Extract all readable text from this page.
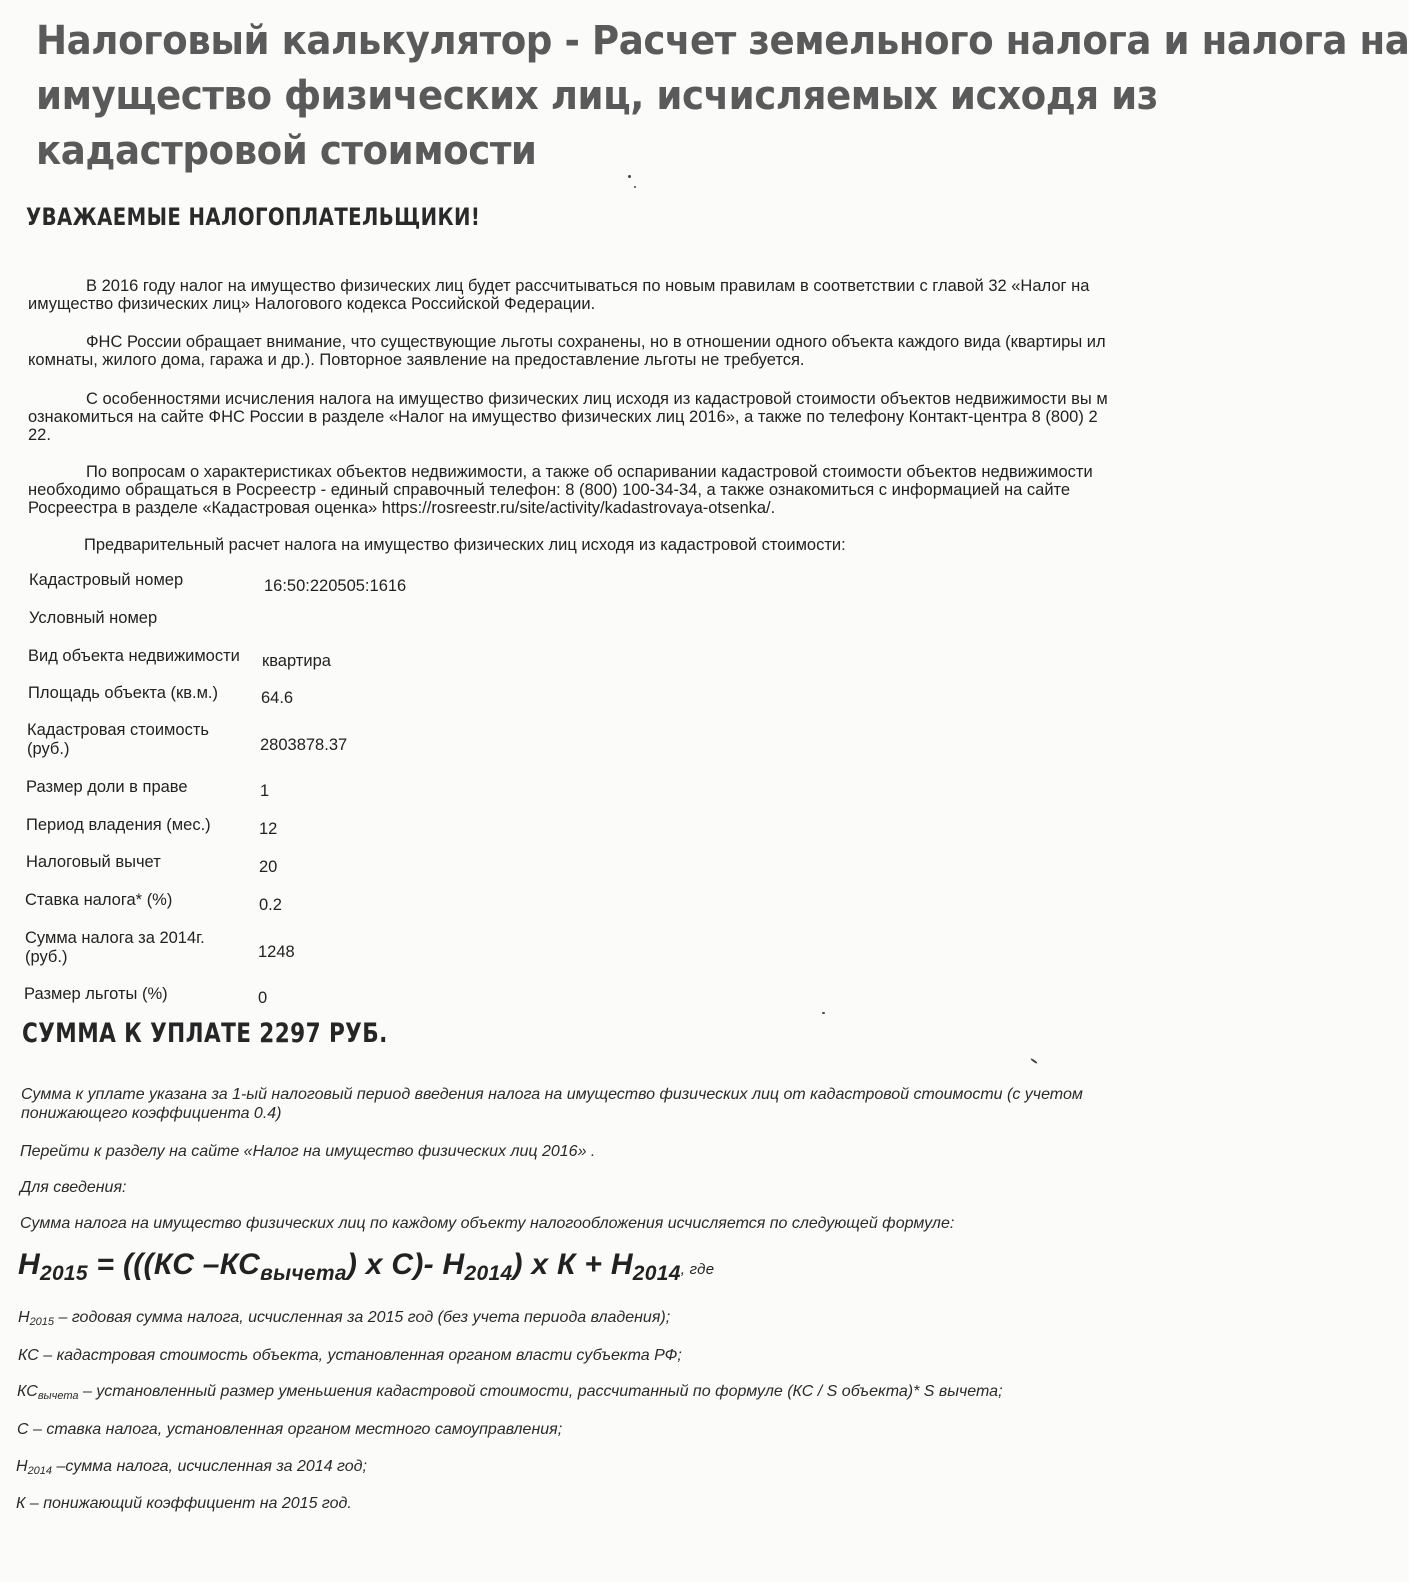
Налоговый калькулятор - Расчет земельного налога и налога на
имущество физических лиц, исчисляемых исходя из
кадастровой стоимости
УВАЖАЕМЫЕ НАЛОГОПЛАТЕЛЬЩИКИ!
В 2016 году налог на имущество физических лиц будет рассчитываться по новым правилам в соответствии с главой 32 «Налог на
имущество физических лиц» Налогового кодекса Российской Федерации.
ФНС России обращает внимание, что существующие льготы сохранены, но в отношении одного объекта каждого вида (квартиры ил
комнаты, жилого дома, гаража и др.). Повторное заявление на предоставление льготы не требуется.
С особенностями исчисления налога на имущество физических лиц исходя из кадастровой стоимости объектов недвижимости вы м
ознакомиться на сайте ФНС России в разделе «Налог на имущество физических лиц 2016», а также по телефону Контакт-центра 8 (800) 2
22.
По вопросам о характеристиках объектов недвижимости, а также об оспаривании кадастровой стоимости объектов недвижимости
необходимо обращаться в Росреестр - единый справочный телефон: 8 (800) 100-34-34, а также ознакомиться с информацией на сайте
Росреестра в разделе «Кадастровая оценка» https://rosreestr.ru/site/activity/kadastrovaya-otsenka/.
Предварительный расчет налога на имущество физических лиц исходя из кадастровой стоимости:
Кадастровый номер	16:50:220505:1616
Условный номер
Вид объекта недвижимости квартира
Площадь объекта (кв.м.)	64.6
Кадастровая стоимость
(руб.)	2803878.37
Размер доли в праве	1
Период владения (мес.)	12
Налоговый вычет	20
Ставка налога* (%)	0.2
Сумма налога за 2014г.
(руб.)	1248
Размер льготы (%)	0
СУММА К УПЛАТЕ 2297 РУБ.
Сумма к уплате указана за 1-ый налоговый период введения налога на имущество физических лиц от кадастровой стоимости (с учетом
понижающего коэффициента 0.4)
Перейти к разделу на сайте «Налог на имущество физических лиц 2016» .
Для сведения:
Сумма налога на имущество физических лиц по каждому объекту налогообложения исчисляется по следующей формуле:
$Н_{2015} = (((КС$ $-КС_{вычета}$) х С)- $Н_{2014}$) х $К + Н_{2014}$, где
$Н_{2015}$ – годовая сумма налога, исчисленная за 2015 год (без учета периода владения);
КС – кадастровая стоимость объекта, установленная органом власти субъекта РФ;
$КС_{вычета}$ – установленный размер уменьшения кадастровой стоимости, рассчитанный по формуле (КС / S объекта)* S вычета;
С – ставка налога, установленная органом местного самоуправления;
$Н_{2014}$ –сумма налога, исчисленная за 2014 год;
К – понижающий коэффициент на 2015 год.
